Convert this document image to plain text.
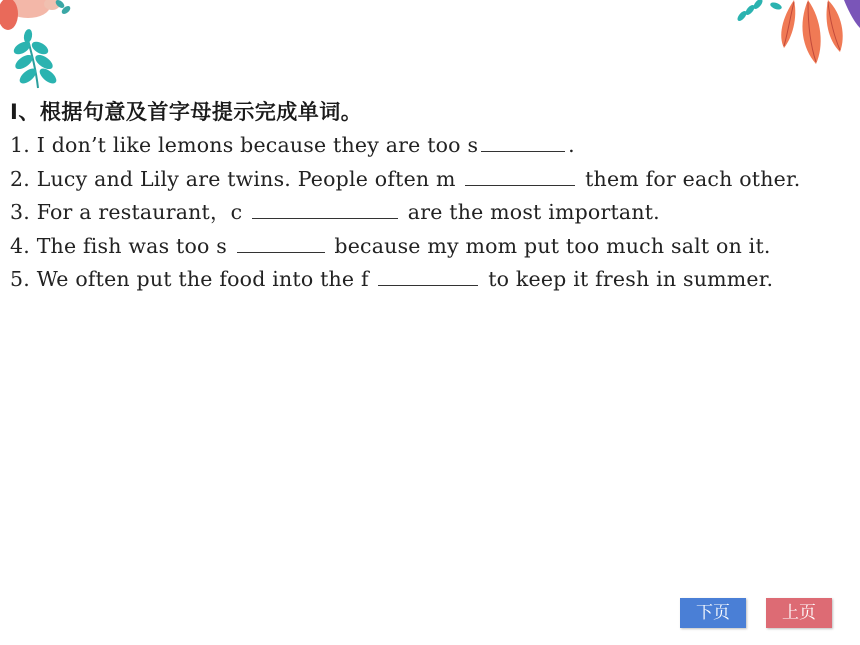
Ⅰ、根据句意及首字母提示完成单词。
1. I don’t like lemons because they are too s	.
2. Lucy and Lily are twins. People often m	them for each other.
3. For a restaurant，c	are the most important.
4. The fish was too s	because my mom put too much salt on it.
5. We often put the food into the f	to keep it fresh in summer.
下页	上页
